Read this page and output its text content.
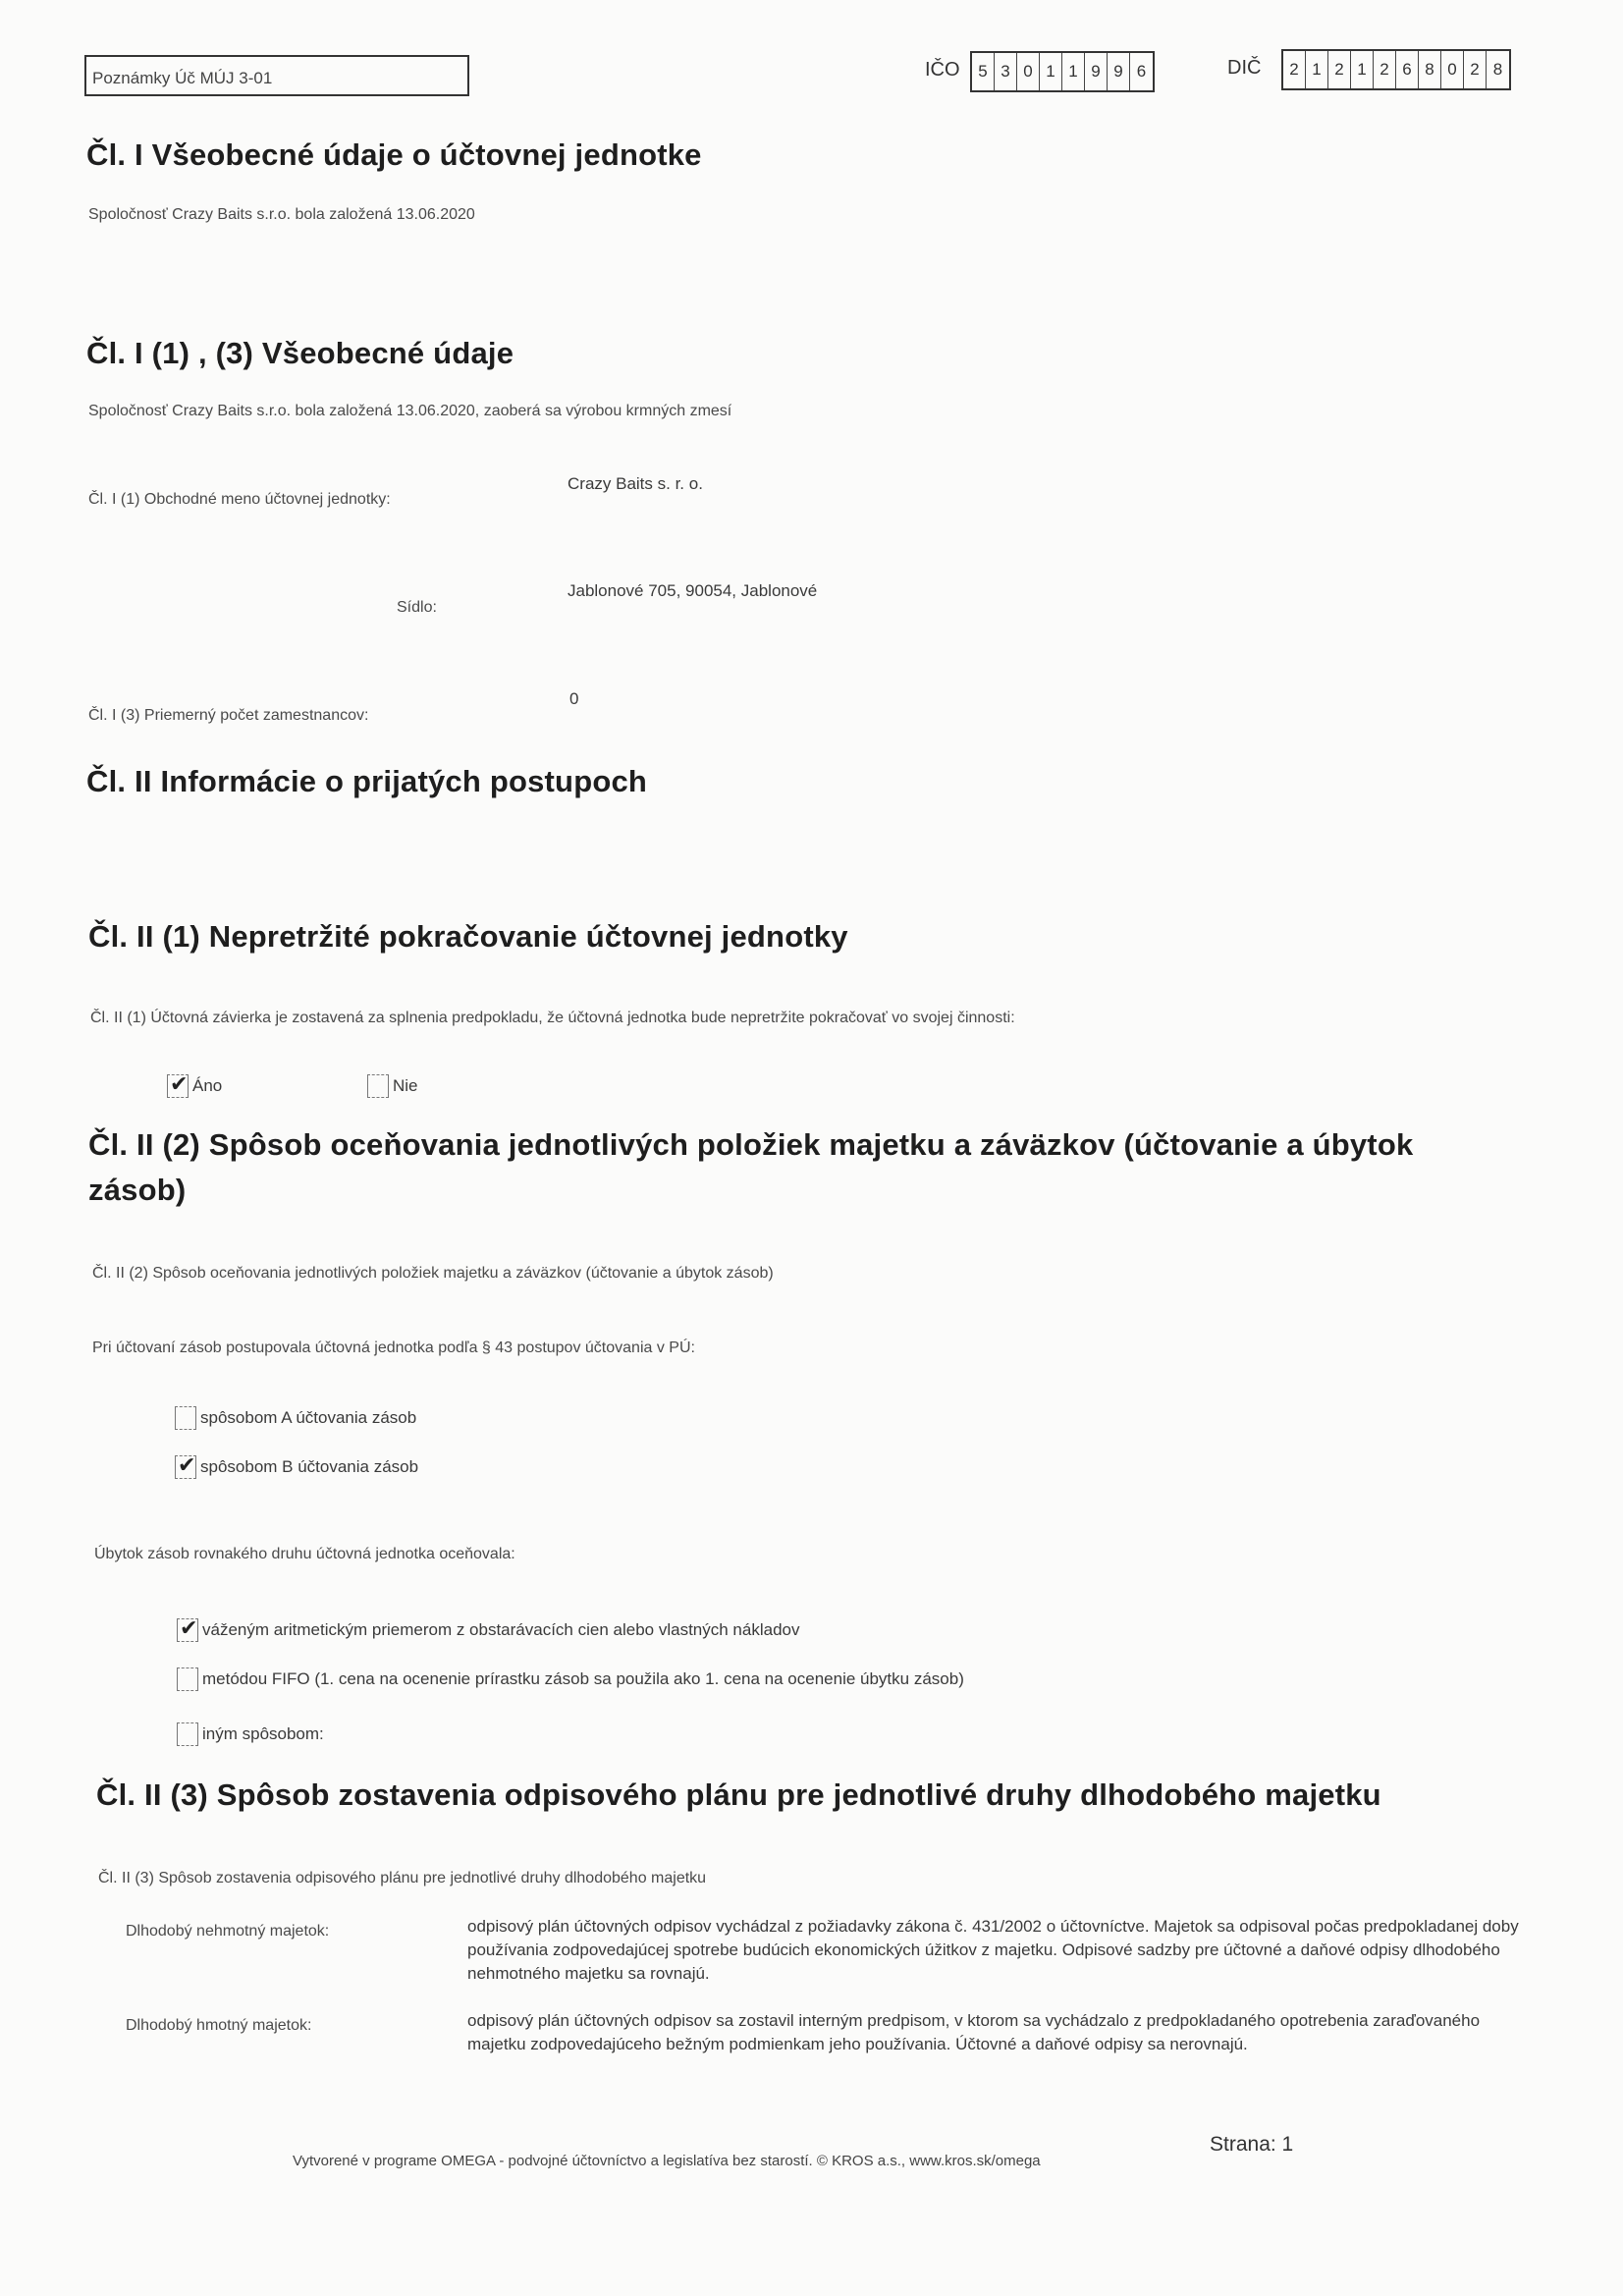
Poznámky Úč MÚJ 3-01	IČO	5 3 0 1 1 9 9 6	DIČ	2 1 2 1 2 6 8 0 2 8
Čl. I Všeobecné údaje o účtovnej jednotke
Spoločnosť Crazy Baits s.r.o. bola založená 13.06.2020
Čl. I (1) , (3) Všeobecné údaje
Spoločnosť Crazy Baits s.r.o. bola založená 13.06.2020, zaoberá sa výrobou krmných zmesí
Čl. I (1) Obchodné meno účtovnej jednotky:
Crazy Baits s. r. o.
Sídlo:
Jablonové 705, 90054, Jablonové
Čl. I (3) Priemerný počet zamestnancov:
0
Čl. II Informácie o prijatých postupoch
Čl. II (1) Nepretržité pokračovanie účtovnej jednotky
Čl. II (1) Účtovná závierka je zostavená za splnenia predpokladu, že účtovná jednotka bude nepretržite pokračovať vo svojej činnosti:
✔
Áno	Nie
Čl. II (2) Spôsob oceňovania jednotlivých položiek majetku a záväzkov (účtovanie a úbytok
zásob)
Čl. II (2) Spôsob oceňovania jednotlivých položiek majetku a záväzkov (účtovanie a úbytok zásob)
Pri účtovaní zásob postupovala účtovná jednotka podľa § 43 postupov účtovania v PÚ:
spôsobom A účtovania zásob
✔
spôsobom B účtovania zásob
Úbytok zásob rovnakého druhu účtovná jednotka oceňovala:
✔
váženým aritmetickým priemerom z obstarávacích cien alebo vlastných nákladov
metódou FIFO (1. cena na ocenenie prírastku zásob sa použila ako 1. cena na ocenenie úbytku zásob)
iným spôsobom:
Čl. II (3) Spôsob zostavenia odpisového plánu pre jednotlivé druhy dlhodobého majetku
Čl. II (3) Spôsob zostavenia odpisového plánu pre jednotlivé druhy dlhodobého majetku
Dlhodobý nehmotný majetok:	odpisový plán účtovných odpisov vychádzal z požiadavky zákona č. 431/2002 o účtovníctve. Majetok sa odpisoval počas predpokladanej doby používania zodpovedajúcej spotrebe budúcich ekonomických úžitkov z majetku. Odpisové sadzby pre účtovné a daňové odpisy dlhodobého nehmotného majetku sa rovnajú.
Dlhodobý hmotný majetok:	odpisový plán účtovných odpisov sa zostavil interným predpisom, v ktorom sa vychádzalo z predpokladaného opotrebenia zaraďovaného majetku zodpovedajúceho bežným podmienkam jeho používania. Účtovné a daňové odpisy sa nerovnajú.
Vytvorené v programe OMEGA - podvojné účtovníctvo a legislatíva bez starostí. © KROS a.s., www.kros.sk/omega
Strana: 1
